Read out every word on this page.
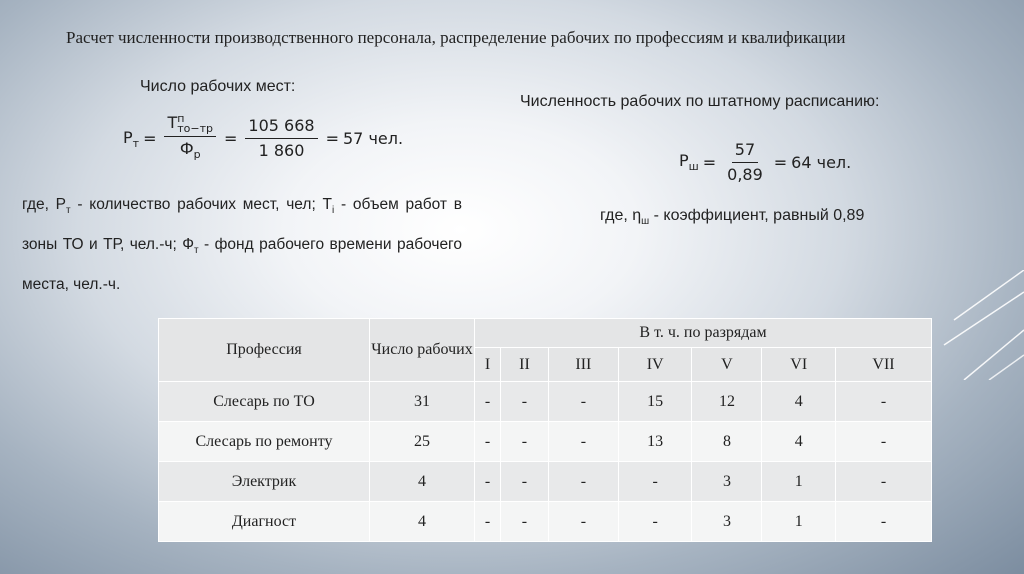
Расчет численности производственного персонала, распределение рабочих по профессиям и квалификации
Число рабочих мест:
$Р_т = Т$ п
то−тр
$Ф_р = \frac{105 668}{1 860} = 57$ чел.
где, $Р_т$ - количество рабочих мест, чел; $Т_i$ - объем работ в зоны ТО и ТР, чел.-ч; $Ф_т$ - фонд рабочего времени рабочего места, чел.-ч.
Численность рабочих по штатному расписанию:
$Р_ш = \frac{57}{0,89} = 64$ чел.
где, $\eta_ш$ - коэффициент, равный 0,89
Профессия	Число рабочих	В т. ч. по разрядам						
		I	II	III	IV	V	VI	VII
Слесарь по ТО	31	-	-	-	15	12	4	-
Слесарь по ремонту	25	-	-	-	13	8	4	-
Электрик	4	-	-	-	-	3	1	-
Диагност	4	-	-	-	-	3	1	-
